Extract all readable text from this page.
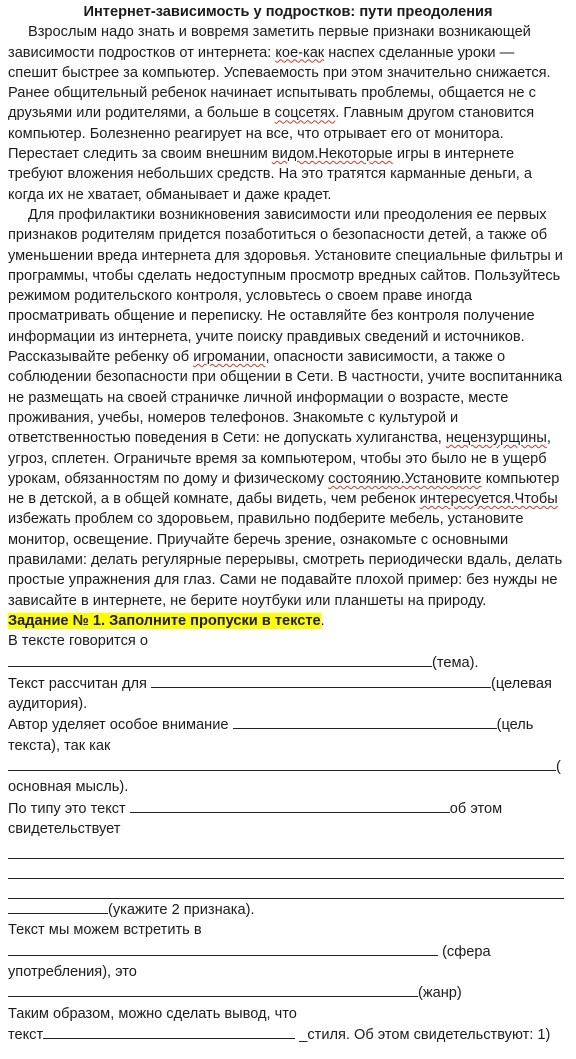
Интернет-зависимость у подростков: пути преодоления

Взрослым надо знать и вовремя заметить первые признаки возникающей зависимости подростков от интернета: кое-как наспех сделанные уроки — спешит быстрее за компьютер. Успеваемость при этом значительно снижается. Ранее общительный ребенок начинает испытывать проблемы, общается не с друзьями или родителями, а больше в соцсетях. Главным другом становится компьютер. Болезненно реагирует на все, что отрывает его от монитора. Перестает следить за своим внешним видом.Некоторые игры в интернете требуют вложения небольших средств. На это тратятся карманные деньги, а когда их не хватает, обманывает и даже крадет.

Для профилактики возникновения зависимости или преодоления ее первых признаков родителям придется позаботиться о безопасности детей, а также об уменьшении вреда интернета для здоровья. Установите специальные фильтры и программы, чтобы сделать недоступным просмотр вредных сайтов. Пользуйтесь режимом родительского контроля, условьтесь о своем праве иногда просматривать общение и переписку. Не оставляйте без контроля получение информации из интернета, учите поиску правдивых сведений и источников. Рассказывайте ребенку об игромании, опасности зависимости, а также о соблюдении безопасности при общении в Сети. В частности, учите воспитанника не размещать на своей страничке личной информации о возрасте, месте проживания, учебы, номеров телефонов. Знакомьте с культурой и ответственностью поведения в Сети: не допускать хулиганства, нецензурщины, угроз, сплетен. Ограничьте время за компьютером, чтобы это было не в ущерб урокам, обязанностям по дому и физическому состоянию.Установите компьютер не в детской, а в общей комнате, дабы видеть, чем ребенок интересуется.Чтобы избежать проблем со здоровьем, правильно подберите мебель, установите монитор, освещение. Приучайте беречь зрение, ознакомьте с основными правилами: делать регулярные перерывы, смотреть периодически вдаль, делать простые упражнения для глаз. Сами не подавайте плохой пример: без нужды не зависайте в интернете, не берите ноутбуки или планшеты на природу.

Задание № 1. Заполните пропуски в тексте.

В тексте говорится о

(тема).

Текст рассчитан для	(целевая

аудитория).

Автор уделяет особое внимание	(цель

текста), так как

(

основная мысль).

По типу это текст	об этом

свидетельствует

(укажите 2 признака).

Текст мы можем встретить в

(сфера

употребления), это

(жанр)

Таким образом, можно сделать вывод, что

текст	_стиля. Об этом свидетельствуют: 1)
